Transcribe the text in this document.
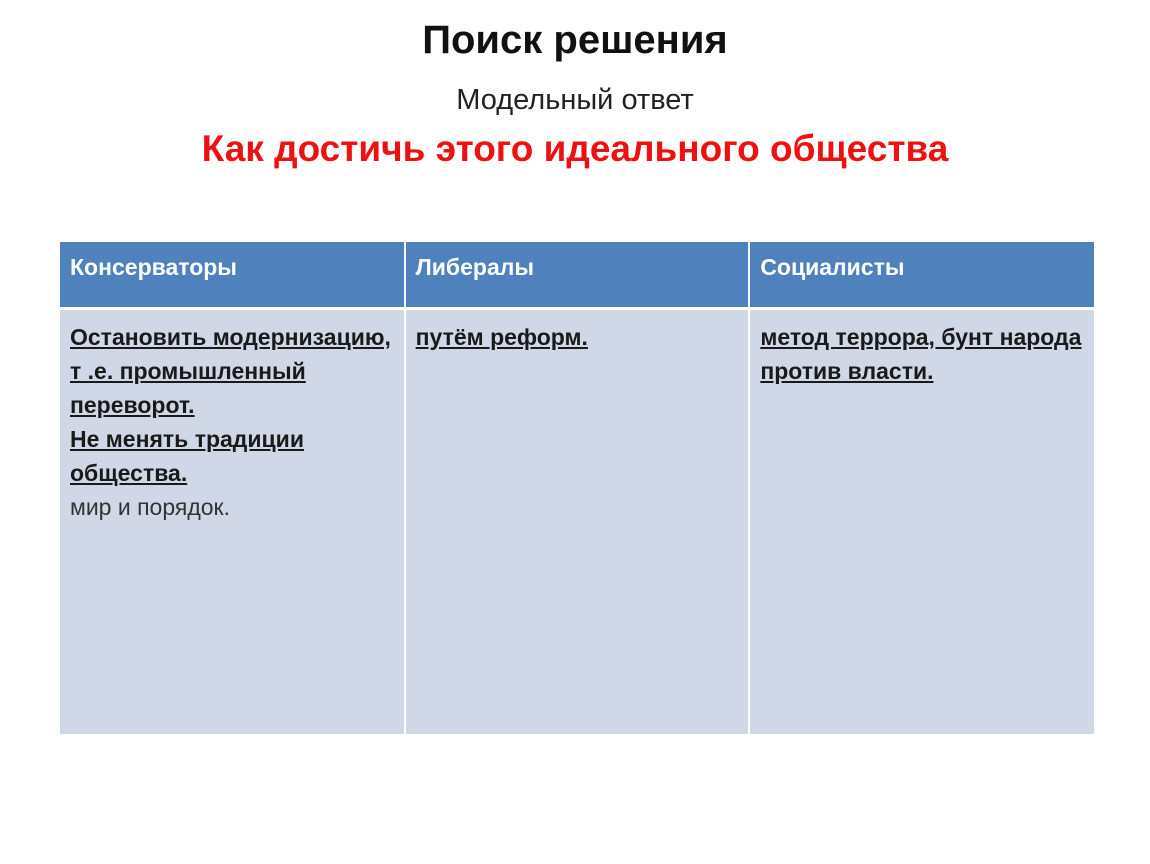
Поиск решения
Модельный ответ
Как достичь этого идеального общества
Консерваторы	Либералы	Социалисты

Остановить модернизацию, т .е. промышленный переворот.
Не менять традиции общества.
мир и порядок.	путём реформ.	метод террора, бунт народа против власти.
